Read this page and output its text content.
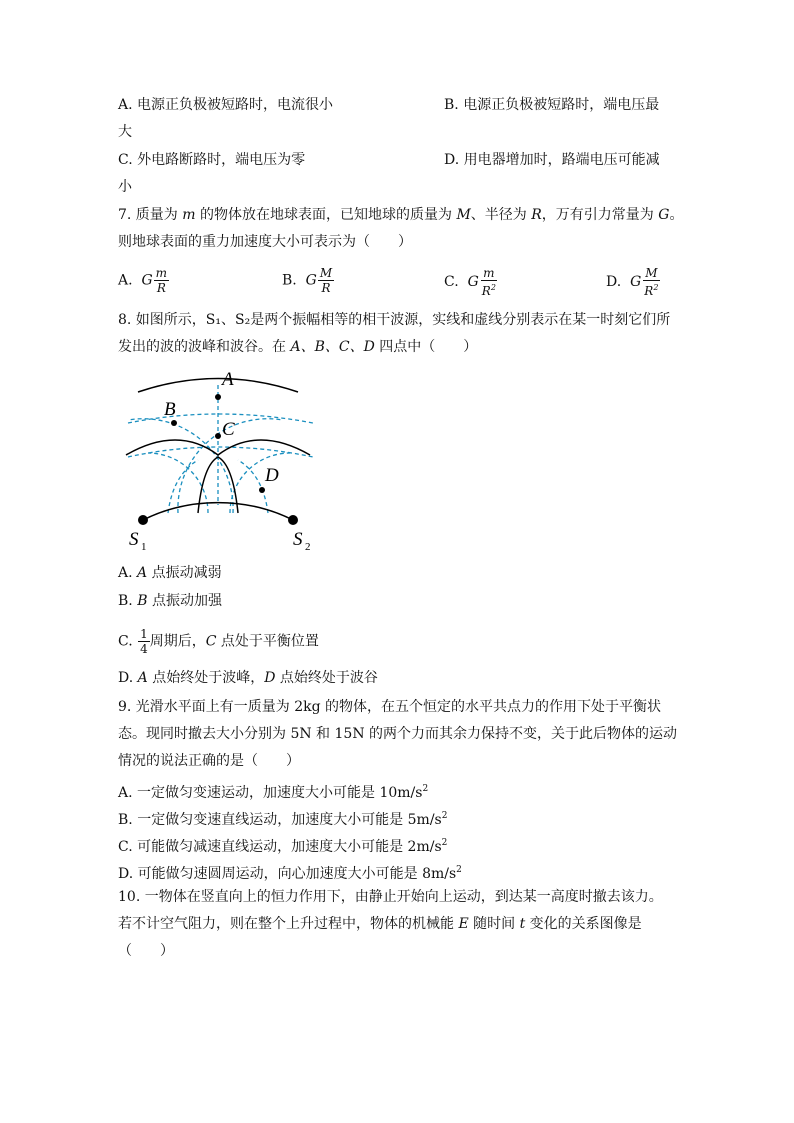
A. 电源正负极被短路时，电流很小	B. 电源正负极被短路时，端电压最
大
C. 外电路断路时，端电压为零	D. 用电器增加时，路端电压可能减
小
7. 质量为 m 的物体放在地球表面，已知地球的质量为 M、半径为 R，万有引力常量为 G。
则地球表面的重力加速度大小可表示为（　　）
A. G $\frac{m}{R}$	B. G $\frac{M}{R}$	C. G $\frac{m}{R^2}$	D. G $\frac{M}{R^2}$
8. 如图所示，S₁、S₂是两个振幅相等的相干波源，实线和虚线分别表示在某一时刻它们所
发出的波的波峰和波谷。在 A、B、C、D 四点中（　　）
A
B
C
D
S	S
1	2
A. A 点振动减弱
B. B 点振动加强
C. $\frac{1}{4}$ 周期后，C 点处于平衡位置
D. A 点始终处于波峰，D 点始终处于波谷
9. 光滑水平面上有一质量为 2kg 的物体，在五个恒定的水平共点力的作用下处于平衡状
态。现同时撤去大小分别为 5N 和 15N 的两个力而其余力保持不变，关于此后物体的运动
情况的说法正确的是（　　）
A. 一定做匀变速运动，加速度大小可能是 $10m/s^2$
B. 一定做匀变速直线运动，加速度大小可能是 $5m/s^2$
C. 可能做匀减速直线运动，加速度大小可能是 $2m/s^2$
D. 可能做匀速圆周运动，向心加速度大小可能是 $8m/s^2$
10. 一物体在竖直向上的恒力作用下，由静止开始向上运动，到达某一高度时撤去该力。
若不计空气阻力，则在整个上升过程中，物体的机械能 E 随时间 t 变化的关系图像是
（　　）
